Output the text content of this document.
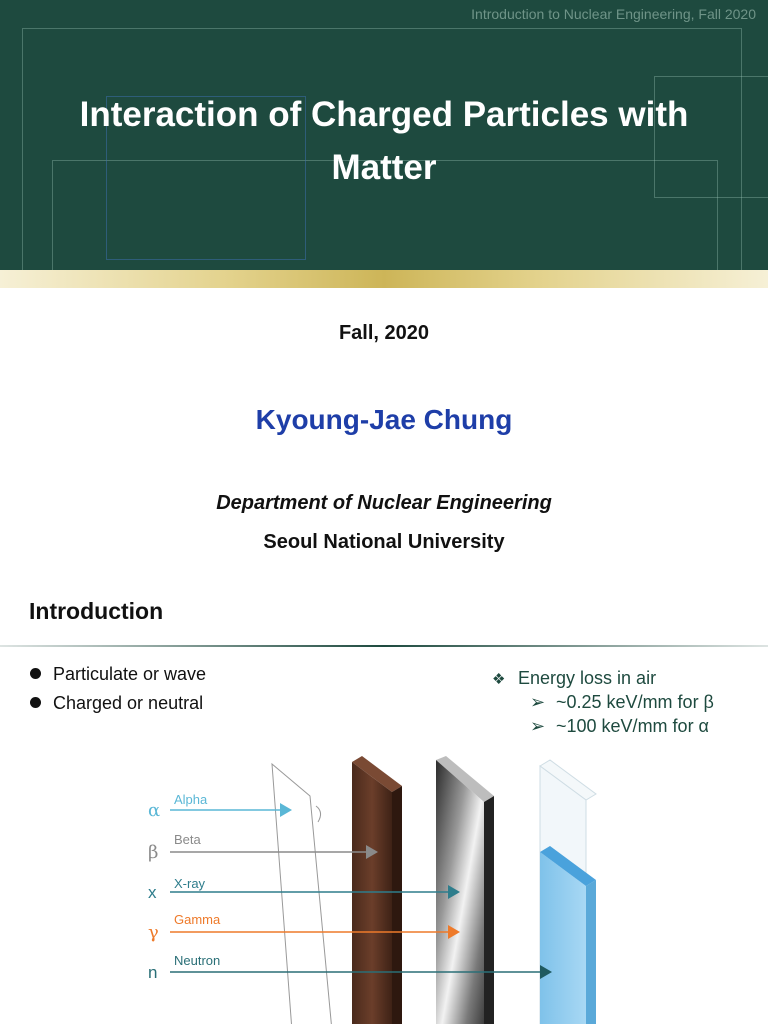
Introduction to Nuclear Engineering, Fall 2020
Interaction of Charged Particles with
Matter
Fall, 2020
Kyoung-Jae Chung
Department of Nuclear Engineering
Seoul National University
Introduction
Particulate or wave
Charged or neutral
❖ Energy loss in air
➢ ~0.25 keV/mm for β
➢ ~100 keV/mm for α
α
Alpha
β
Beta
x X-ray
γ
Gamma
n
Neutron
